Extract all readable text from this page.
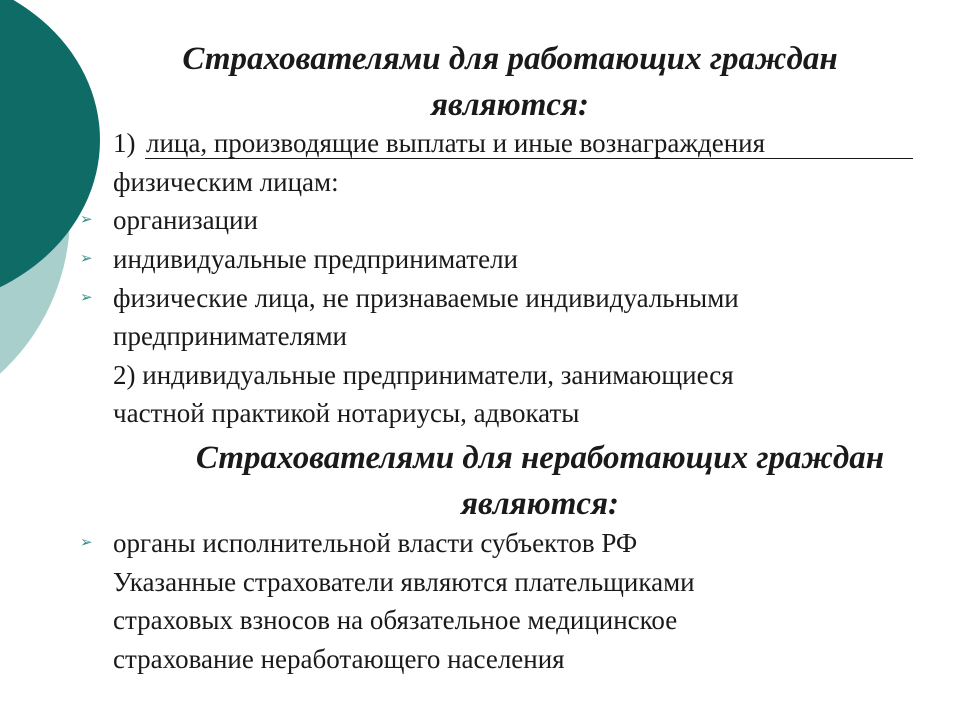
Страхователями для работающих граждан являются:
1) лица, производящие выплаты и иные вознаграждения
физическим лицам:
➢ организации
➢ индивидуальные предприниматели
➢ физические лица, не признаваемые индивидуальными
предпринимателями
2) индивидуальные предприниматели, занимающиеся
частной практикой нотариусы, адвокаты
Страхователями для неработающих граждан являются:
➢ органы исполнительной власти субъектов РФ
Указанные страхователи являются плательщиками
страховых взносов на обязательное медицинское
страхование неработающего населения
